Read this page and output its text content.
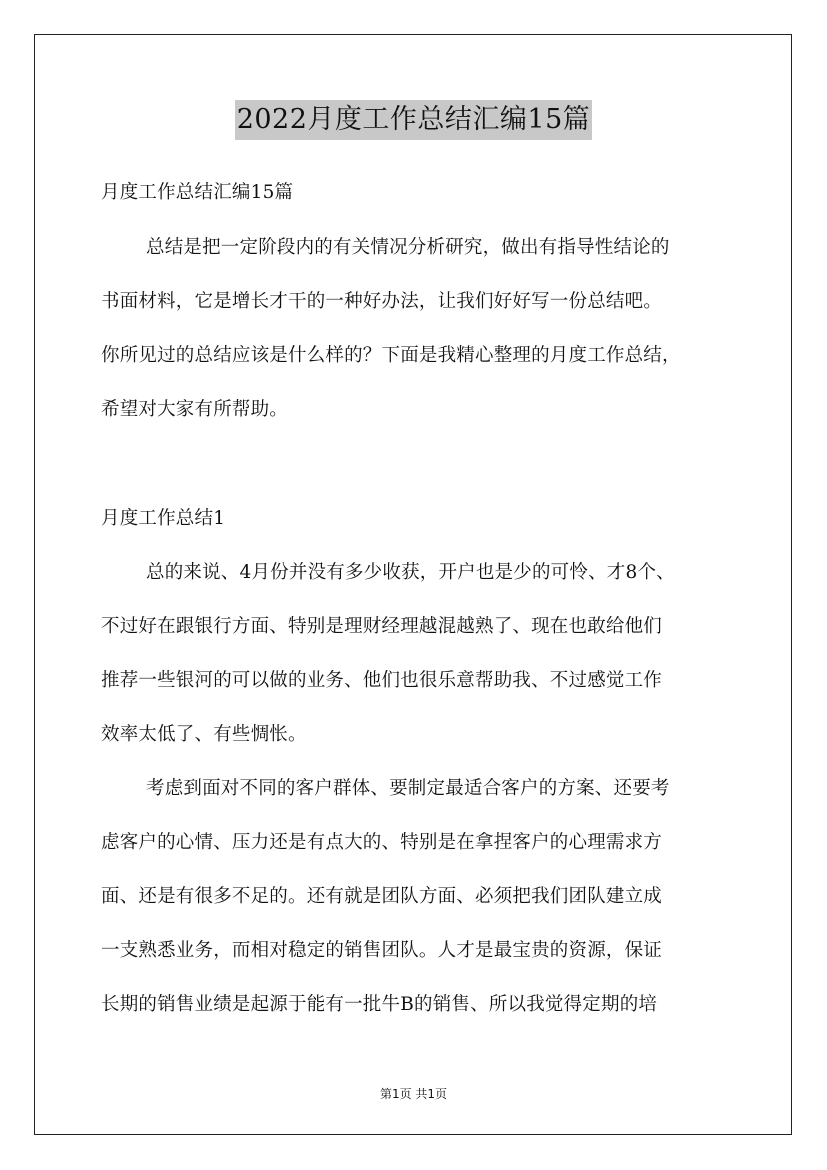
2022月度工作总结汇编15篇
月度工作总结汇编15篇
总结是把一定阶段内的有关情况分析研究，做出有指导性结论的
书面材料，它是增长才干的一种好办法，让我们好好写一份总结吧。
你所见过的总结应该是什么样的？下面是我精心整理的月度工作总结，
希望对大家有所帮助。
月度工作总结1
总的来说、4月份并没有多少收获，开户也是少的可怜、才8个、
不过好在跟银行方面、特别是理财经理越混越熟了、现在也敢给他们
推荐一些银河的可以做的业务、他们也很乐意帮助我、不过感觉工作
效率太低了、有些惆怅。
考虑到面对不同的客户群体、要制定最适合客户的方案、还要考
虑客户的心情、压力还是有点大的、特别是在拿捏客户的心理需求方
面、还是有很多不足的。还有就是团队方面、必须把我们团队建立成
一支熟悉业务，而相对稳定的销售团队。人才是最宝贵的资源，保证
长期的销售业绩是起源于能有一批牛B的销售、所以我觉得定期的培
第1页 共1页
